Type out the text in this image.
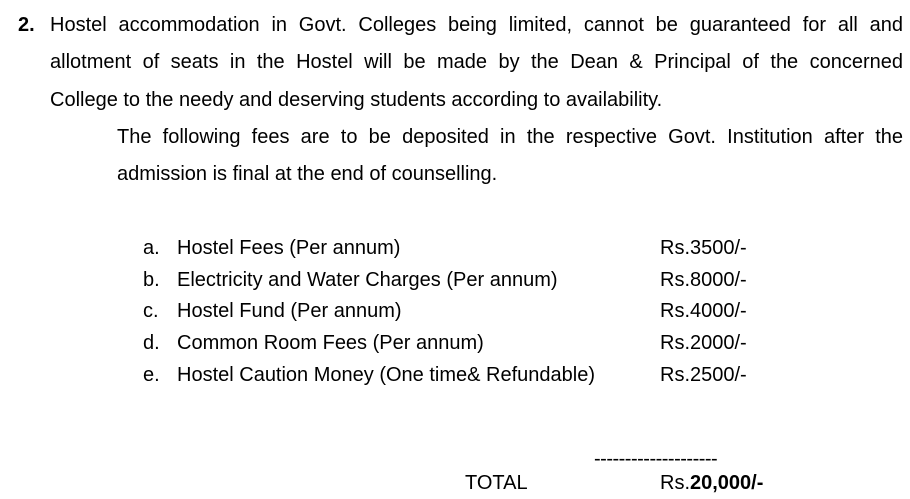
2. Hostel accommodation in Govt. Colleges being limited, cannot be guaranteed for all and
allotment of seats in the Hostel will be made by the Dean & Principal of the concerned
College to the needy and deserving students according to availability.
The following fees are to be deposited in the respective Govt. Institution after the
admission is final at the end of counselling.
a. Hostel Fees (Per annum)	Rs.3500/-
b. Electricity and Water Charges (Per annum)	Rs.8000/-
c. Hostel Fund (Per annum)	Rs.4000/-
d. Common Room Fees (Per annum)	Rs.2000/-
e. Hostel Caution Money (One time& Refundable)	Rs.2500/-
--------------------
TOTAL	Rs.20,000/-
